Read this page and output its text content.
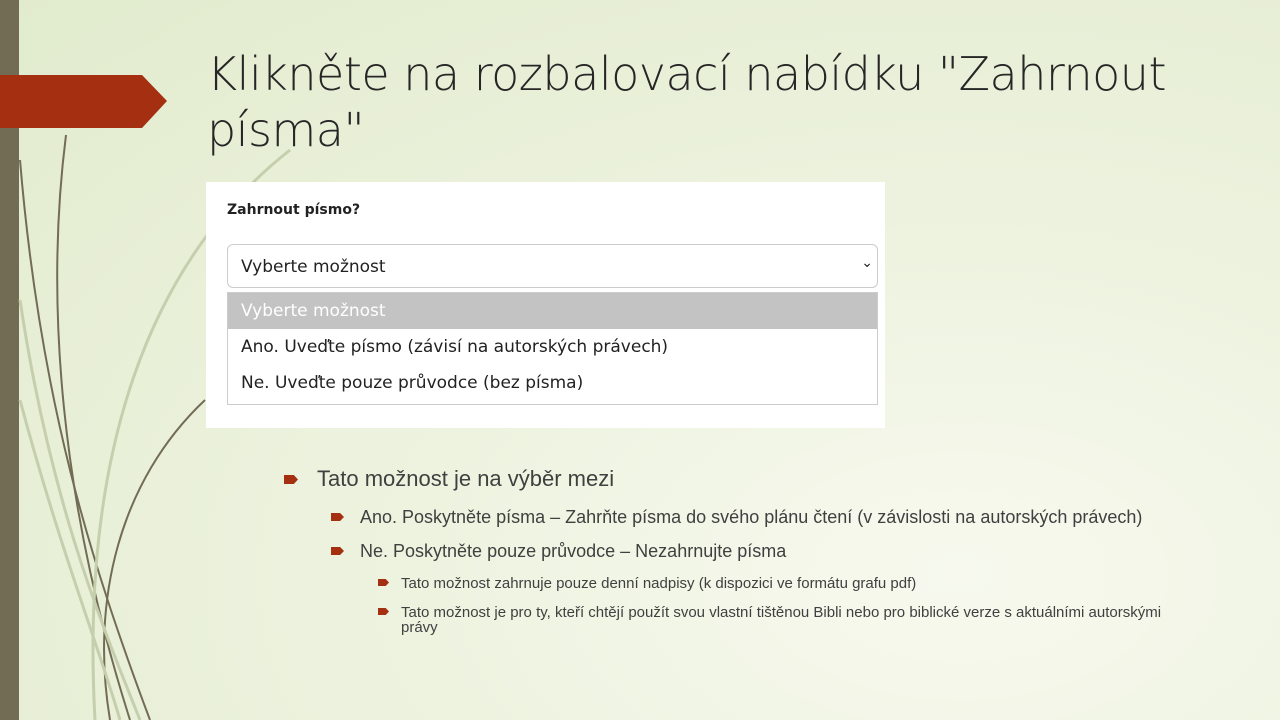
Klikněte na rozbalovací nabídku "Zahrnout písma"
Zahrnout písmo?
Vyberte možnost	⌄
Vyberte možnost
Ano. Uveďte písmo (závisí na autorských právech)
Ne. Uveďte pouze průvodce (bez písma)
Tato možnost je na výběr mezi
Ano. Poskytněte písma – Zahrňte písma do svého plánu čtení (v závislosti na autorských právech)
Ne. Poskytněte pouze průvodce – Nezahrnujte písma
Tato možnost zahrnuje pouze denní nadpisy (k dispozici ve formátu grafu pdf)
Tato možnost je pro ty, kteří chtějí použít svou vlastní tištěnou Bibli nebo pro biblické verze s aktuálními autorskými právy
